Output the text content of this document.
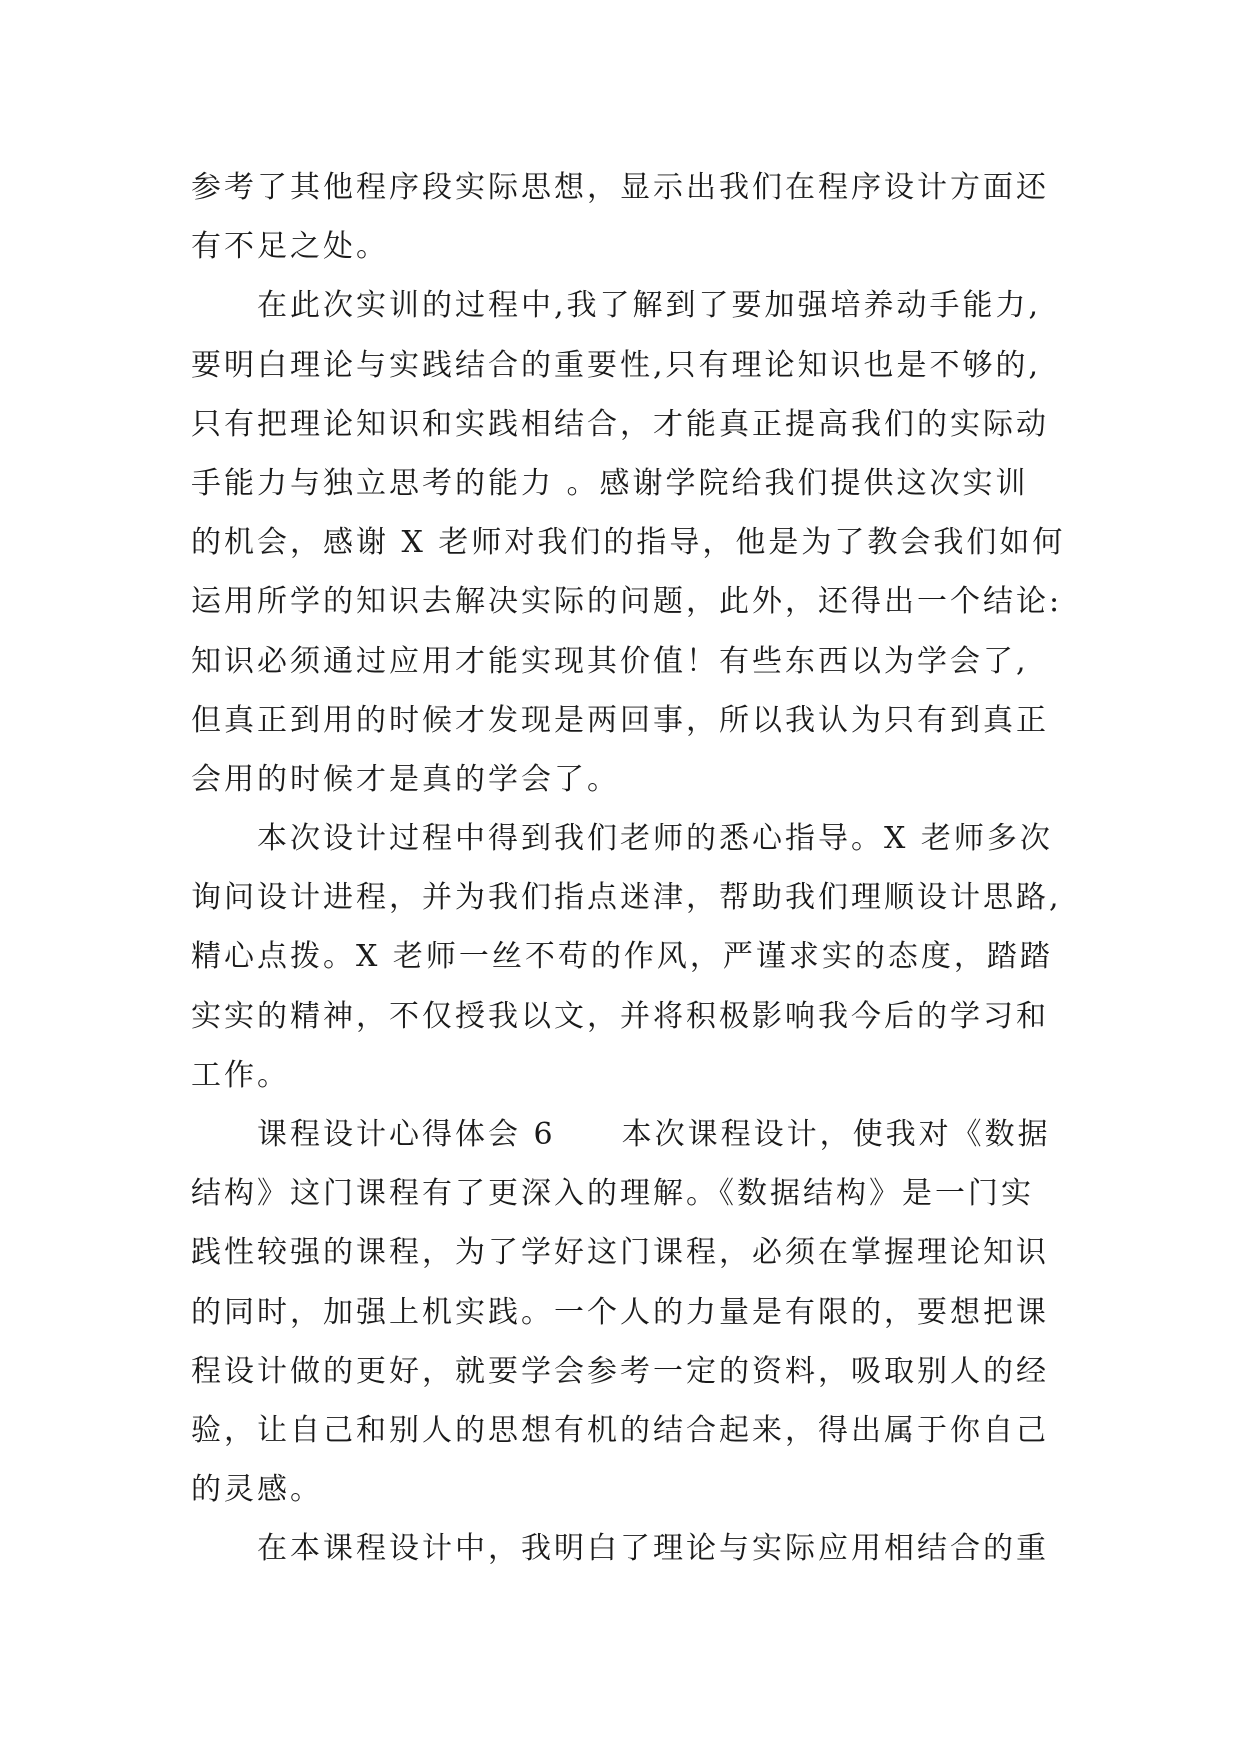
参考了其他程序段实际思想，显示出我们在程序设计方面还

有不足之处。

在此次实训的过程中,我了解到了要加强培养动手能力,

要明白理论与实践结合的重要性,只有理论知识也是不够的,

只有把理论知识和实践相结合，才能真正提高我们的实际动

手能力与独立思考的能力 。感谢学院给我们提供这次实训

的机会，感谢 X 老师对我们的指导，他是为了教会我们如何

运用所学的知识去解决实际的问题，此外，还得出一个结论:

知识必须通过应用才能实现其价值！有些东西以为学会了,

但真正到用的时候才发现是两回事，所以我认为只有到真正

会用的时候才是真的学会了。

本次设计过程中得到我们老师的悉心指导。X 老师多次

询问设计进程，并为我们指点迷津，帮助我们理顺设计思路,

精心点拨。X 老师一丝不苟的作风，严谨求实的态度，踏踏

实实的精神，不仅授我以文，并将积极影响我今后的学习和

工作。

课程设计心得体会 6　　本次课程设计，使我对《数据

结构》这门课程有了更深入的理解。《数据结构》是一门实

践性较强的课程，为了学好这门课程，必须在掌握理论知识

的同时，加强上机实践。一个人的力量是有限的，要想把课

程设计做的更好，就要学会参考一定的资料，吸取别人的经

验，让自己和别人的思想有机的结合起来，得出属于你自己

的灵感。

在本课程设计中，我明白了理论与实际应用相结合的重
